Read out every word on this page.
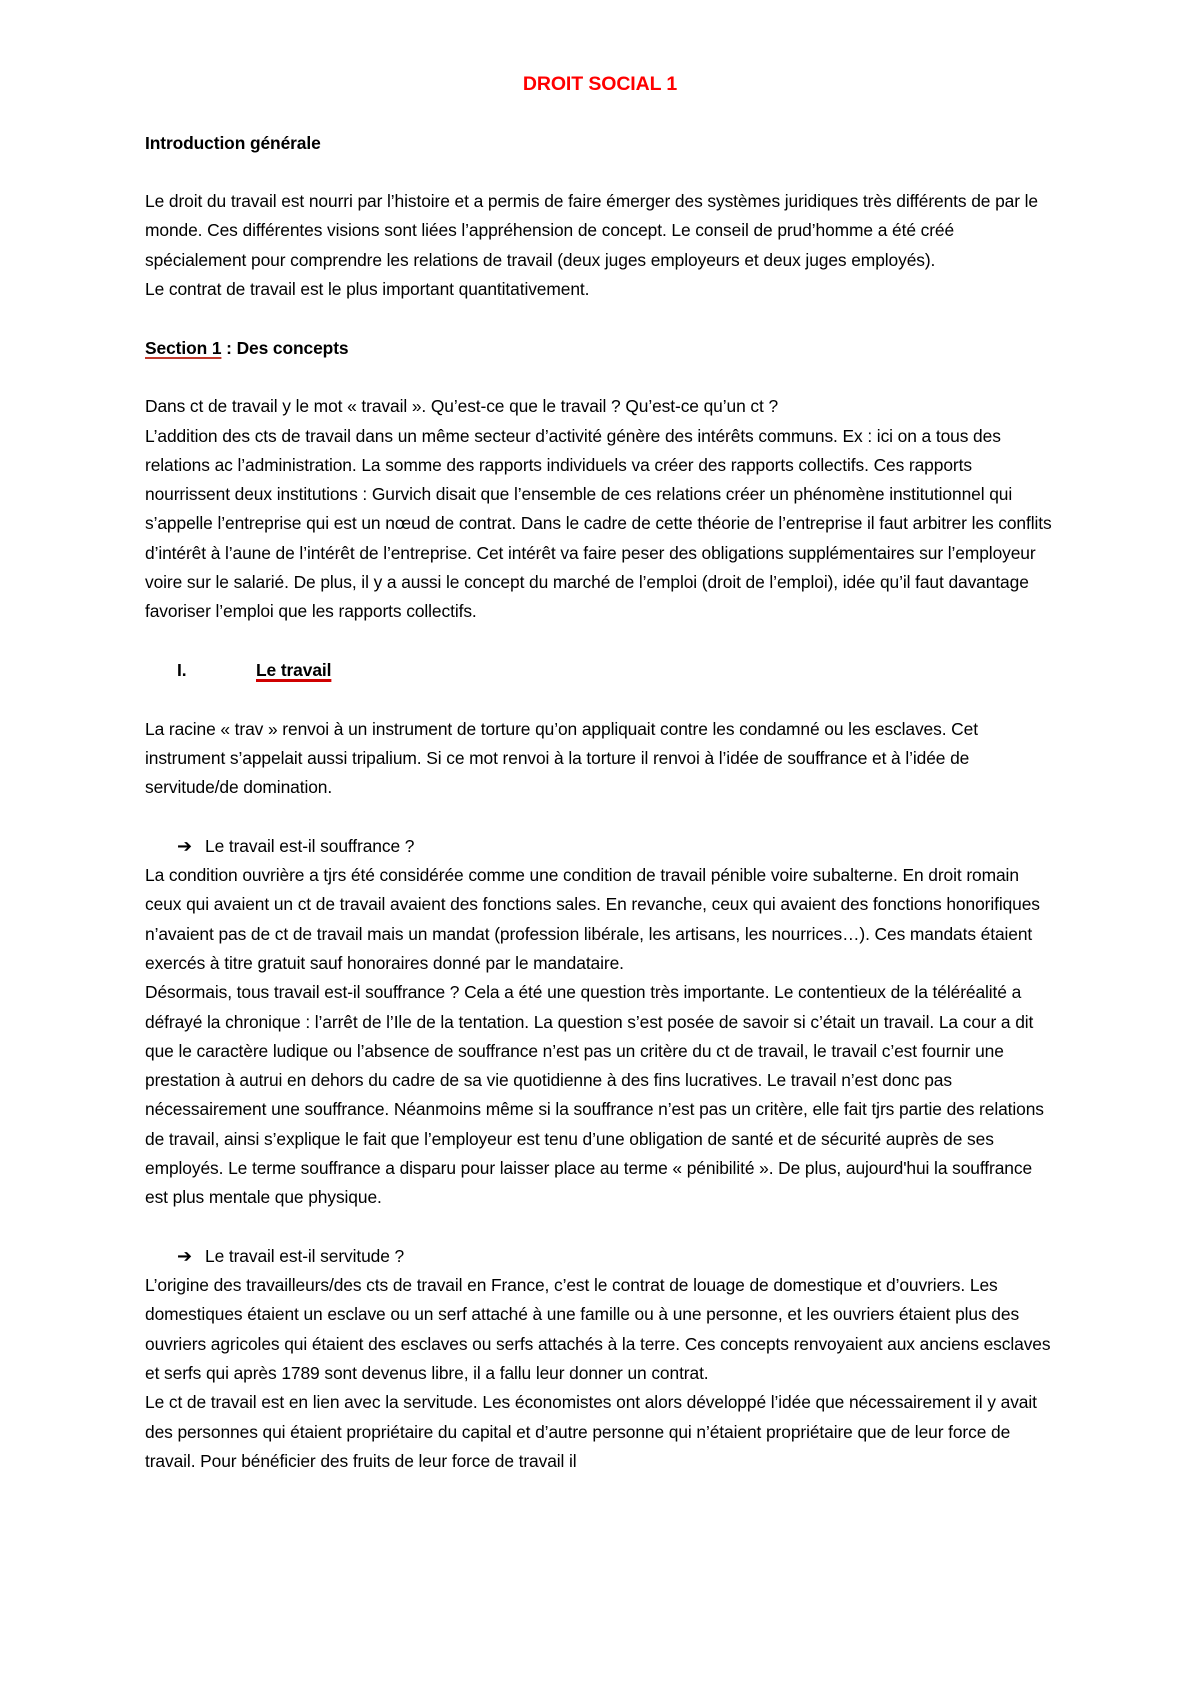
DROIT SOCIAL 1

Introduction générale

Le droit du travail est nourri par l’histoire et a permis de faire émerger des systèmes juridiques très différents de par le monde. Ces différentes visions sont liées l’appréhension de concept. Le conseil de prud’homme a été créé spécialement pour comprendre les relations de travail (deux juges employeurs et deux juges employés).

Le contrat de travail est le plus important quantitativement.

Section 1 : Des concepts

Dans ct de travail y le mot « travail ». Qu’est-ce que le travail ? Qu’est-ce qu’un ct ?

L’addition des cts de travail dans un même secteur d’activité génère des intérêts communs. Ex : ici on a tous des relations ac l’administration. La somme des rapports individuels va créer des rapports collectifs. Ces rapports nourrissent deux institutions : Gurvich disait que l’ensemble de ces relations créer un phénomène institutionnel qui s’appelle l’entreprise qui est un nœud de contrat. Dans le cadre de cette théorie de l’entreprise il faut arbitrer les conflits d’intérêt à l’aune de l’intérêt de l’entreprise. Cet intérêt va faire peser des obligations supplémentaires sur l’employeur voire sur le salarié. De plus, il y a aussi le concept du marché de l’emploi (droit de l’emploi), idée qu’il faut davantage favoriser l’emploi que les rapports collectifs.

I.	Le travail

La racine « trav » renvoi à un instrument de torture qu’on appliquait contre les condamné ou les esclaves. Cet instrument s’appelait aussi tripalium. Si ce mot renvoi à la torture il renvoi à l’idée de souffrance et à l’idée de servitude/de domination.

➔ Le travail est-il souffrance ?

La condition ouvrière a tjrs été considérée comme une condition de travail pénible voire subalterne. En droit romain ceux qui avaient un ct de travail avaient des fonctions sales. En revanche, ceux qui avaient des fonctions honorifiques n’avaient pas de ct de travail mais un mandat (profession libérale, les artisans, les nourrices…). Ces mandats étaient exercés à titre gratuit sauf honoraires donné par le mandataire.

Désormais, tous travail est-il souffrance ? Cela a été une question très importante. Le contentieux de la téléréalité a défrayé la chronique : l’arrêt de l’Ile de la tentation. La question s’est posée de savoir si c’était un travail. La cour a dit que le caractère ludique ou l’absence de souffrance n’est pas un critère du ct de travail, le travail c’est fournir une prestation à autrui en dehors du cadre de sa vie quotidienne à des fins lucratives. Le travail n’est donc pas nécessairement une souffrance. Néanmoins même si la souffrance n’est pas un critère, elle fait tjrs partie des relations de travail, ainsi s’explique le fait que l’employeur est tenu d’une obligation de santé et de sécurité auprès de ses employés. Le terme souffrance a disparu pour laisser place au terme « pénibilité ». De plus, aujourd'hui la souffrance est plus mentale que physique.

➔ Le travail est-il servitude ?

L’origine des travailleurs/des cts de travail en France, c’est le contrat de louage de domestique et d’ouvriers. Les domestiques étaient un esclave ou un serf attaché à une famille ou à une personne, et les ouvriers étaient plus des ouvriers agricoles qui étaient des esclaves ou serfs attachés à la terre. Ces concepts renvoyaient aux anciens esclaves et serfs qui après 1789 sont devenus libre, il a fallu leur donner un contrat.

Le ct de travail est en lien avec la servitude. Les économistes ont alors développé l’idée que nécessairement il y avait des personnes qui étaient propriétaire du capital et d’autre personne qui n’étaient propriétaire que de leur force de travail. Pour bénéficier des fruits de leur force de travail il
